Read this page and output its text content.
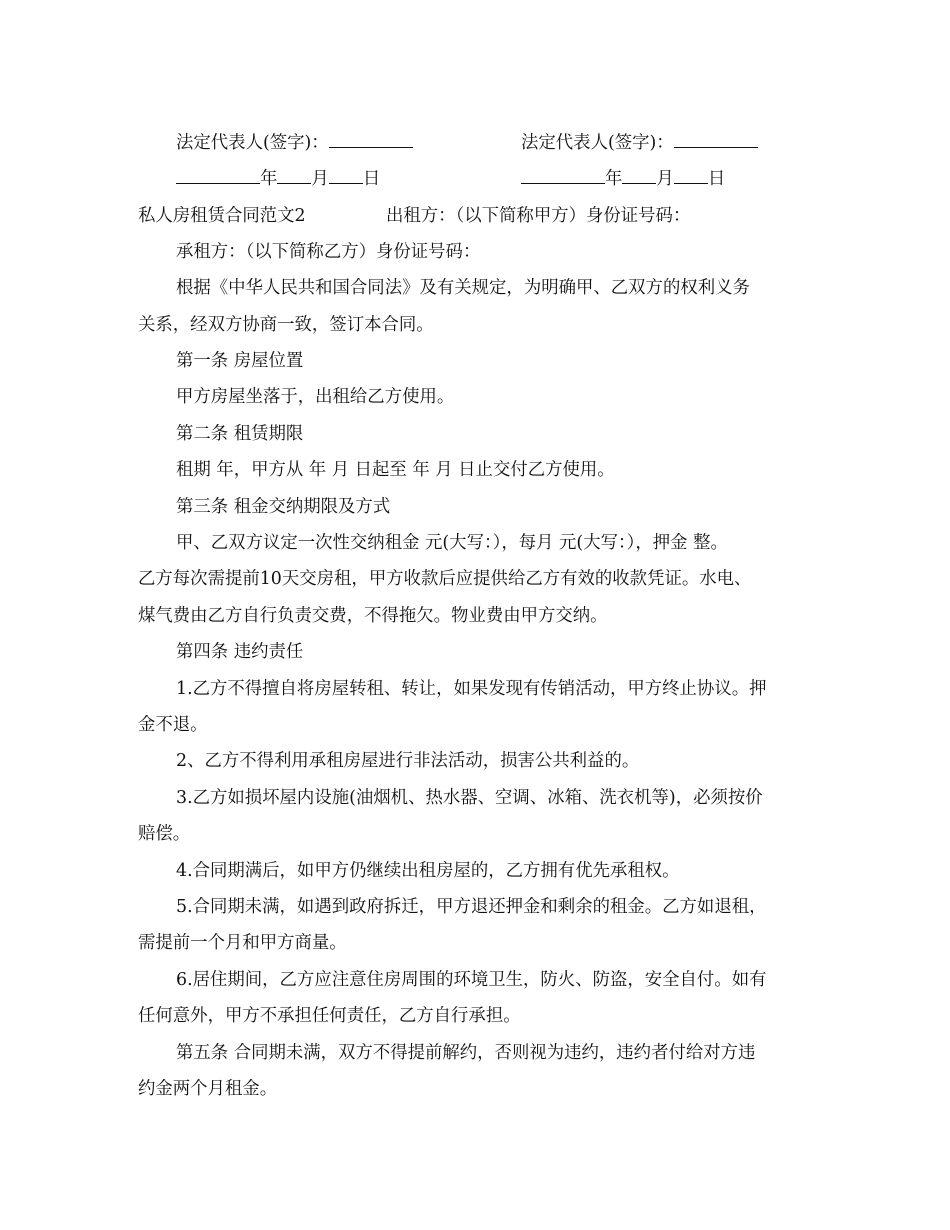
法定代表人(签字)：

年 月 日

法定代表人(签字)：

年 月 日

私人房租赁合同范文2	出租方：（以下简称甲方）身份证号码：

承租方：（以下简称乙方）身份证号码：

根据《中华人民共和国合同法》及有关规定，为明确甲、乙双方的权利义务

关系，经双方协商一致，签订本合同。

第一条 房屋位置

甲方房屋坐落于，出租给乙方使用。

第二条 租赁期限

租期 年，甲方从 年 月 日起至 年 月 日止交付乙方使用。

第三条 租金交纳期限及方式

甲、乙双方议定一次性交纳租金 元(大写：），每月 元(大写：），押金 整。

乙方每次需提前10天交房租，甲方收款后应提供给乙方有效的收款凭证。水电、

煤气费由乙方自行负责交费，不得拖欠。物业费由甲方交纳。

第四条 违约责任

1.乙方不得擅自将房屋转租、转让，如果发现有传销活动，甲方终止协议。押

金不退。

2、乙方不得利用承租房屋进行非法活动，损害公共利益的。

3.乙方如损坏屋内设施(油烟机、热水器、空调、冰箱、洗衣机等)，必须按价

赔偿。

4.合同期满后，如甲方仍继续出租房屋的，乙方拥有优先承租权。

5.合同期未满，如遇到政府拆迁，甲方退还押金和剩余的租金。乙方如退租，

需提前一个月和甲方商量。

6.居住期间，乙方应注意住房周围的环境卫生，防火、防盗，安全自付。如有

任何意外，甲方不承担任何责任，乙方自行承担。

第五条 合同期未满，双方不得提前解约，否则视为违约，违约者付给对方违

约金两个月租金。
